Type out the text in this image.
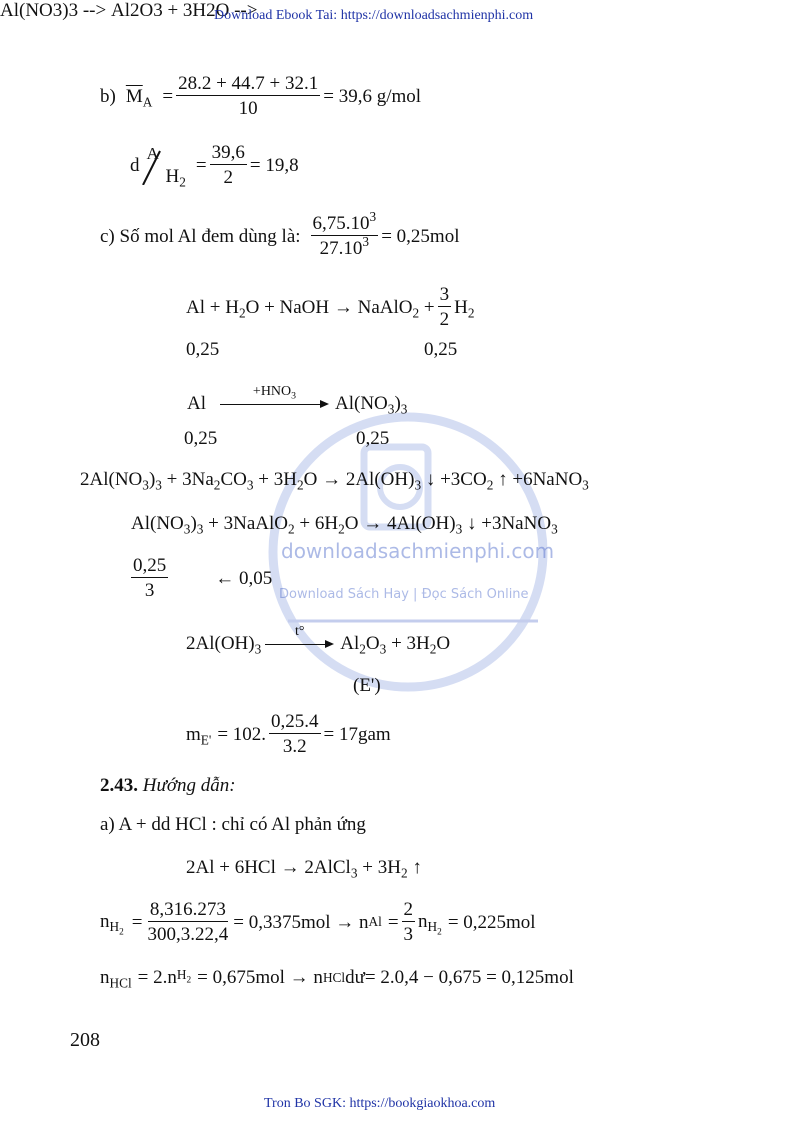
Download Ebook Tai: https://downloadsachmienphi.com
downloadsachmienphi.com
Download Sách Hay | Đọc Sách Online
b) $\overline{M}_A = \frac{28.2 + 44.7 + 32.1}{10} = 39,6$ g/mol
d
A
$H_2$
= $\frac{39,6}{2} = 19,8$
c) Số mol Al đem dùng là: $\frac{6,75.10^3}{27.10^3} = 0,25mol$
$Al + H_2O$ + NaOH → NaAlO$_2$ + $\frac{3}{2} H_2$
0,25	0,25
Al(NO3)3 -->
Al
$+HNO_3$ $Al(NO_3)_3$
0,25	0,25
$2Al(NO_3)_3 + 3Na_2CO_3 + 3H_2O \to 2Al(OH)_3$ ↓ $+3CO_2$ ↑ +6NaNO$_3$
$Al(NO_3)_3$ + 3NaAlO$_2$ + $6H_2O \to 4Al(OH)_3$ ↓ +3NaNO$_3$
$\frac{0,25}{3}$ ← 0,05
Al2O3 + 3H2O -->
$2Al(OH)_3$
t°
$Al_2O_3 + 3H_2O$
(E')
$m_{E'} = 102$. $\frac{0,25.4}{3.2} = 17gam$
2.43. Hướng dẫn:
a) A + dd HCl : chỉ có Al phản ứng
2Al + 6HCl → 2AlCl$_3$ + $3H_2$ ↑
$n_{H_2} = \frac{8,316.273}{300,3.22,4} = 0,3375mol \to n$ $Al = \frac{2}{3} n_{H_2} = 0,225mol$
$n_{HCl} = 2.n$ $H_2 = 0,675mol \to n$ HCl dư= 2.0,4 − 0,675 = 0,125mol
208
Tron Bo SGK: https://bookgiaokhoa.com
